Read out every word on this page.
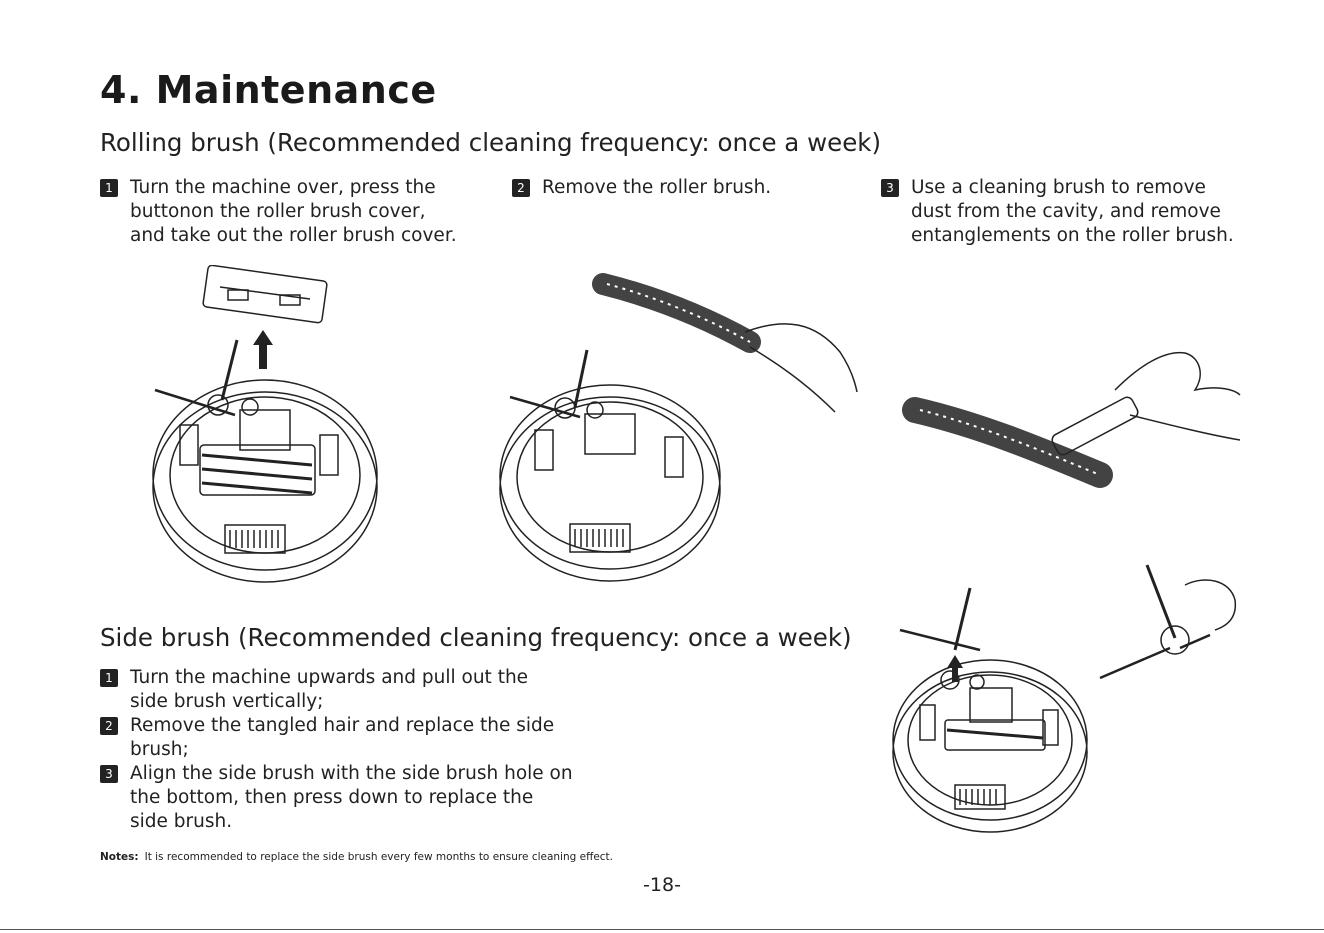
4. Maintenance
Rolling brush (Recommended cleaning frequency: once a week)
1 Turn the machine over, press the
buttonon the roller brush cover,
and take out the roller brush cover.
2 Remove the roller brush.	3 Use a cleaning brush to remove
dust from the cavity, and remove
entanglements on the roller brush.
Side brush (Recommended cleaning frequency: once a week)
1 Turn the machine upwards and pull out the
side brush vertically;
2 Remove the tangled hair and replace the side
brush;
3 Align the side brush with the side brush hole on
the bottom, then press down to replace the
side brush.
Notes: It is recommended to replace the side brush every few months to ensure cleaning effect.
-18-
